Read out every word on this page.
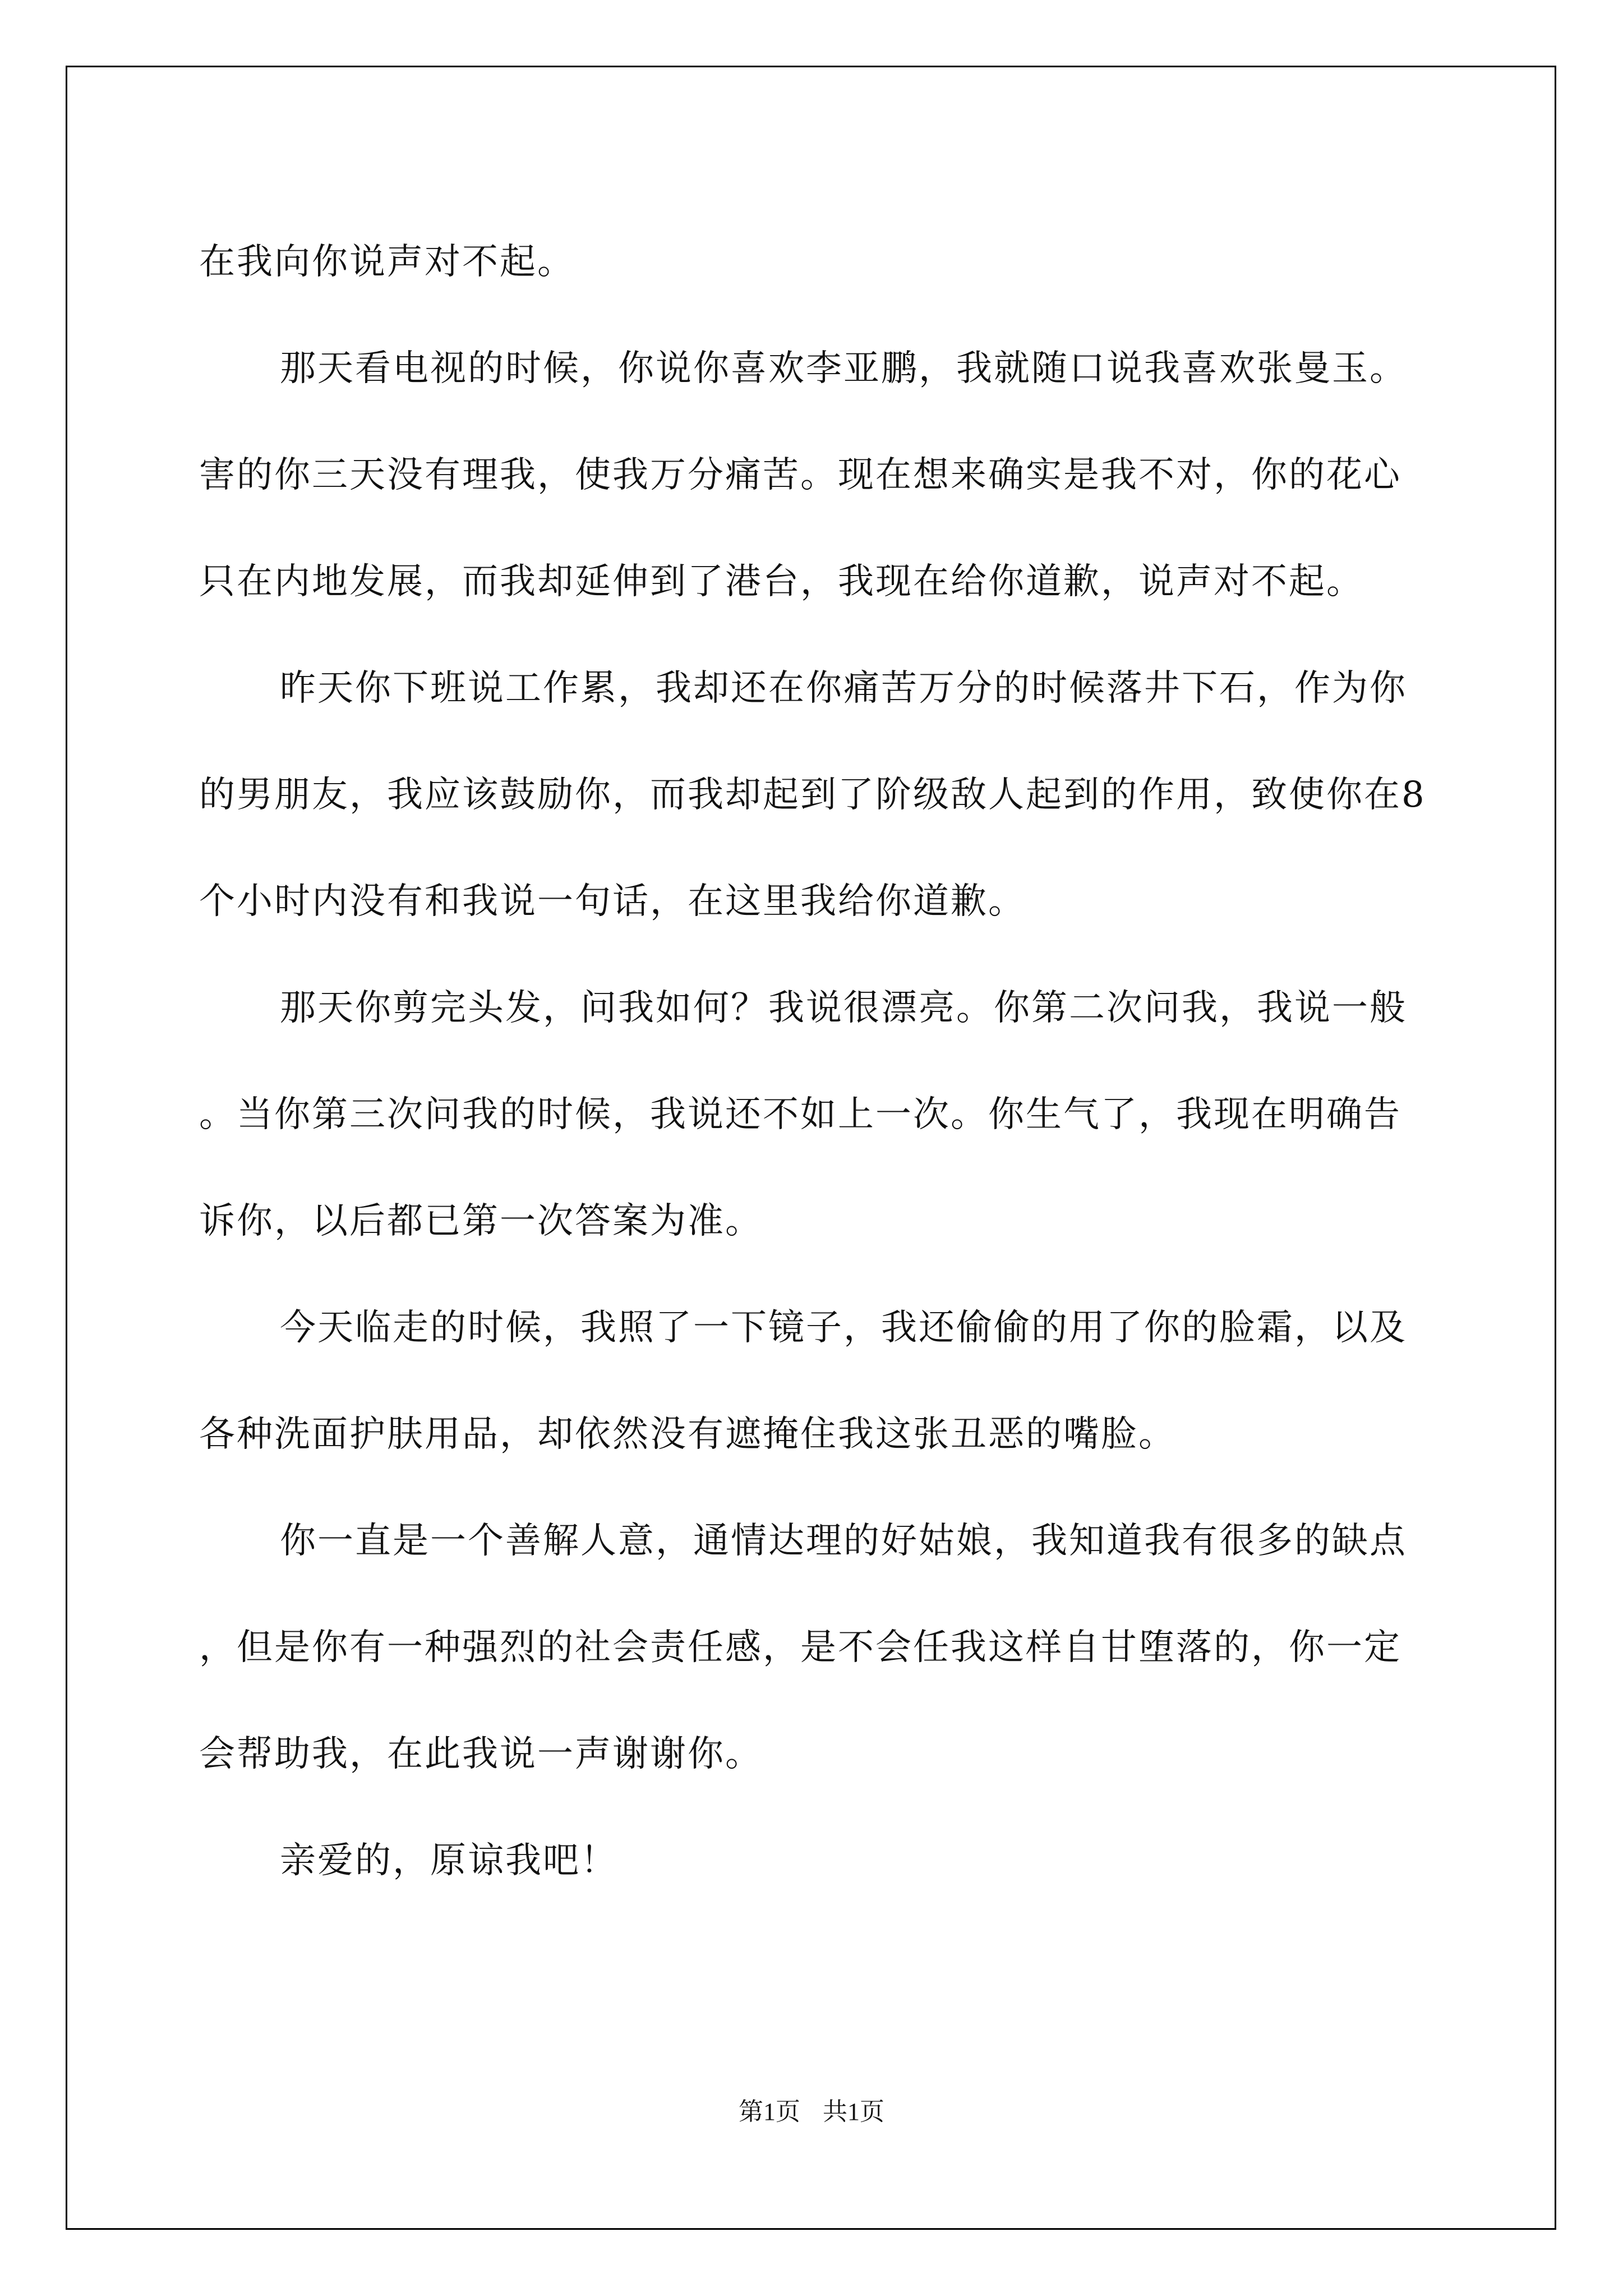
在我向你说声对不起。

那天看电视的时候，你说你喜欢李亚鹏，我就随口说我喜欢张曼玉。害的你三天没有理我，使我万分痛苦。现在想来确实是我不对，你的花心只在内地发展，而我却延伸到了港台，我现在给你道歉，说声对不起。

昨天你下班说工作累，我却还在你痛苦万分的时候落井下石，作为你的男朋友，我应该鼓励你，而我却起到了阶级敌人起到的作用，致使你在8个小时内没有和我说一句话，在这里我给你道歉。

那天你剪完头发，问我如何？我说很漂亮。你第二次问我，我说一般。当你第三次问我的时候，我说还不如上一次。你生气了，我现在明确告诉你，以后都已第一次答案为准。

今天临走的时候，我照了一下镜子，我还偷偷的用了你的脸霜，以及各种洗面护肤用品，却依然没有遮掩住我这张丑恶的嘴脸。

你一直是一个善解人意，通情达理的好姑娘，我知道我有很多的缺点，但是你有一种强烈的社会责任感，是不会任我这样自甘堕落的，你一定会帮助我，在此我说一声谢谢你。

亲爱的，原谅我吧！

第1页 共1页
